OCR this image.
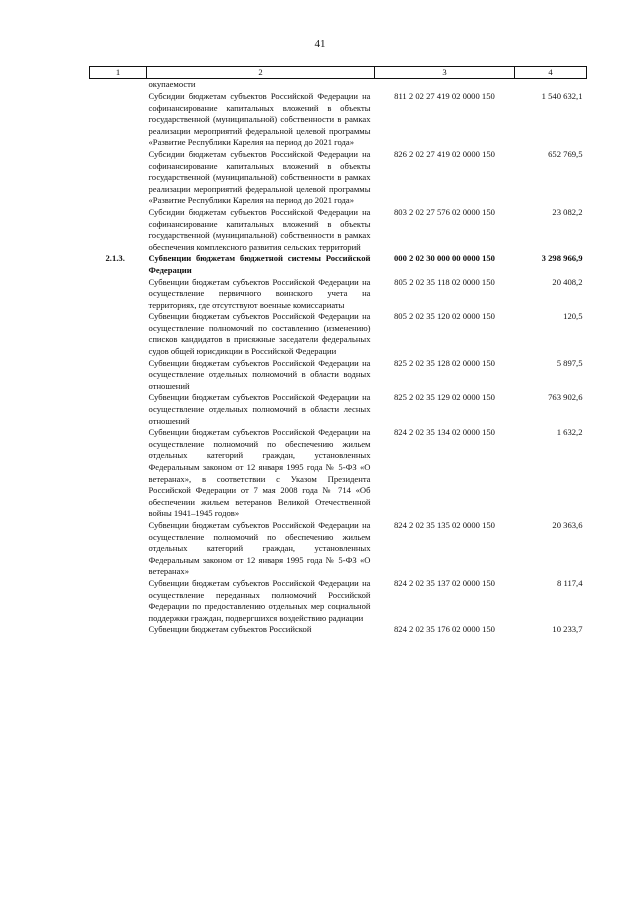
41
1	2	3	4
	окупаемости		
	Субсидии бюджетам субъектов Российской Федерации на софинансирование капитальных вложений в объекты государственной (муниципальной) собственности в рамках реализации мероприятий федеральной целевой программы «Развитие Республики Карелия на период до 2021 года»	811 2 02 27 419 02 0000 150	1 540 632,1
	Субсидии бюджетам субъектов Российской Федерации на софинансирование капитальных вложений в объекты государственной (муниципальной) собственности в рамках реализации мероприятий федеральной целевой программы «Развитие Республики Карелия на период до 2021 года»	826 2 02 27 419 02 0000 150	652 769,5
	Субсидии бюджетам субъектов Российской Федерации на софинансирование капитальных вложений в объекты государственной (муниципальной) собственности в рамках обеспечения комплексного развития сельских территорий	803 2 02 27 576 02 0000 150	23 082,2
2.1.3.	Субвенции бюджетам бюджетной системы Российской Федерации	000 2 02 30 000 00 0000 150	3 298 966,9
	Субвенции бюджетам субъектов Российской Федерации на осуществление первичного воинского учета на территориях, где отсутствуют военные комиссариаты	805 2 02 35 118 02 0000 150	20 408,2
	Субвенции бюджетам субъектов Российской Федерации на осуществление полномочий по составлению (изменению) списков кандидатов в присяжные заседатели федеральных судов общей юрисдикции в Российской Федерации	805 2 02 35 120 02 0000 150	120,5
	Субвенции бюджетам субъектов Российской Федерации на осуществление отдельных полномочий в области водных отношений	825 2 02 35 128 02 0000 150	5 897,5
	Субвенции бюджетам субъектов Российской Федерации на осуществление отдельных полномочий в области лесных отношений	825 2 02 35 129 02 0000 150	763 902,6
	Субвенции бюджетам субъектов Российской Федерации на осуществление полномочий по обеспечению жильем отдельных категорий граждан, установленных Федеральным законом от 12 января 1995 года № 5-ФЗ «О ветеранах», в соответствии с Указом Президента Российской Федерации от 7 мая 2008 года № 714 «Об обеспечении жильем ветеранов Великой Отечественной войны 1941–1945 годов»	824 2 02 35 134 02 0000 150	1 632,2
	Субвенции бюджетам субъектов Российской Федерации на осуществление полномочий по обеспечению жильем отдельных категорий граждан, установленных Федеральным законом от 12 января 1995 года № 5-ФЗ «О ветеранах»	824 2 02 35 135 02 0000 150	20 363,6
	Субвенции бюджетам субъектов Российской Федерации на осуществление переданных полномочий Российской Федерации по предоставлению отдельных мер социальной поддержки граждан, подвергшихся воздействию радиации	824 2 02 35 137 02 0000 150	8 117,4
	Субвенции бюджетам субъектов Российской	824 2 02 35 176 02 0000 150	10 233,7
